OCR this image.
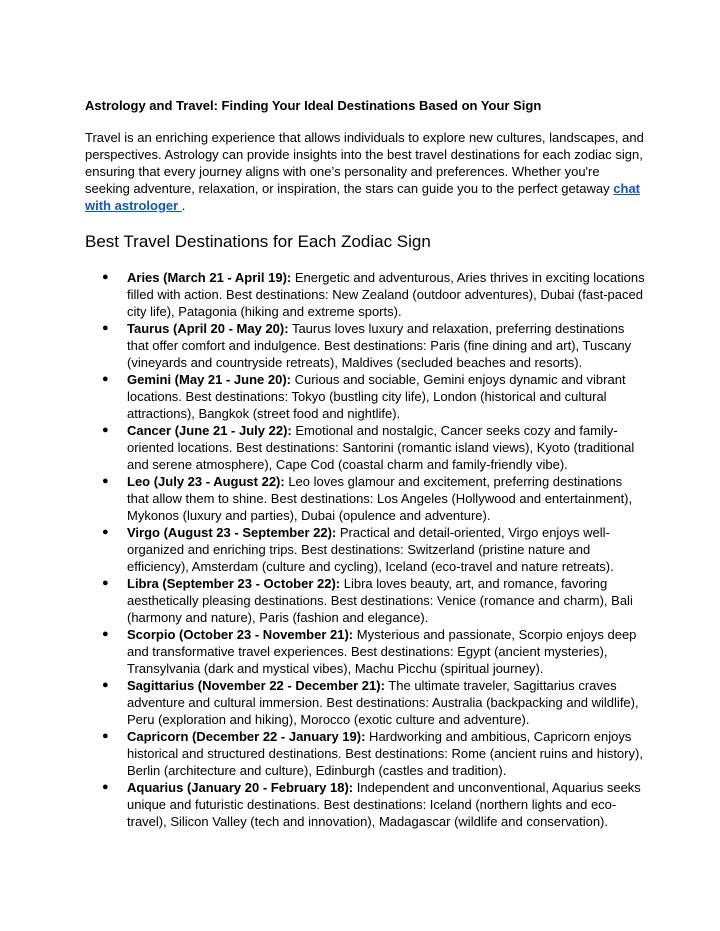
Astrology and Travel: Finding Your Ideal Destinations Based on Your Sign

Travel is an enriching experience that allows individuals to explore new cultures, landscapes, and perspectives. Astrology can provide insights into the best travel destinations for each zodiac sign, ensuring that every journey aligns with one’s personality and preferences. Whether you're seeking adventure, relaxation, or inspiration, the stars can guide you to the perfect getaway chat with astrologer .

Best Travel Destinations for Each Zodiac Sign
● Aries (March 21 - April 19): Energetic and adventurous, Aries thrives in exciting locations filled with action. Best destinations: New Zealand (outdoor adventures), Dubai (fast-paced city life), Patagonia (hiking and extreme sports).
● Taurus (April 20 - May 20): Taurus loves luxury and relaxation, preferring destinations that offer comfort and indulgence. Best destinations: Paris (fine dining and art), Tuscany (vineyards and countryside retreats), Maldives (secluded beaches and resorts).
● Gemini (May 21 - June 20): Curious and sociable, Gemini enjoys dynamic and vibrant locations. Best destinations: Tokyo (bustling city life), London (historical and cultural attractions), Bangkok (street food and nightlife).
● Cancer (June 21 - July 22): Emotional and nostalgic, Cancer seeks cozy and family-oriented locations. Best destinations: Santorini (romantic island views), Kyoto (traditional and serene atmosphere), Cape Cod (coastal charm and family-friendly vibe).
● Leo (July 23 - August 22): Leo loves glamour and excitement, preferring destinations that allow them to shine. Best destinations: Los Angeles (Hollywood and entertainment), Mykonos (luxury and parties), Dubai (opulence and adventure).
● Virgo (August 23 - September 22): Practical and detail-oriented, Virgo enjoys well-organized and enriching trips. Best destinations: Switzerland (pristine nature and efficiency), Amsterdam (culture and cycling), Iceland (eco-travel and nature retreats).
● Libra (September 23 - October 22): Libra loves beauty, art, and romance, favoring aesthetically pleasing destinations. Best destinations: Venice (romance and charm), Bali (harmony and nature), Paris (fashion and elegance).
● Scorpio (October 23 - November 21): Mysterious and passionate, Scorpio enjoys deep and transformative travel experiences. Best destinations: Egypt (ancient mysteries), Transylvania (dark and mystical vibes), Machu Picchu (spiritual journey).
● Sagittarius (November 22 - December 21): The ultimate traveler, Sagittarius craves adventure and cultural immersion. Best destinations: Australia (backpacking and wildlife), Peru (exploration and hiking), Morocco (exotic culture and adventure).
● Capricorn (December 22 - January 19): Hardworking and ambitious, Capricorn enjoys historical and structured destinations. Best destinations: Rome (ancient ruins and history), Berlin (architecture and culture), Edinburgh (castles and tradition).
● Aquarius (January 20 - February 18): Independent and unconventional, Aquarius seeks unique and futuristic destinations. Best destinations: Iceland (northern lights and eco-travel), Silicon Valley (tech and innovation), Madagascar (wildlife and conservation).
